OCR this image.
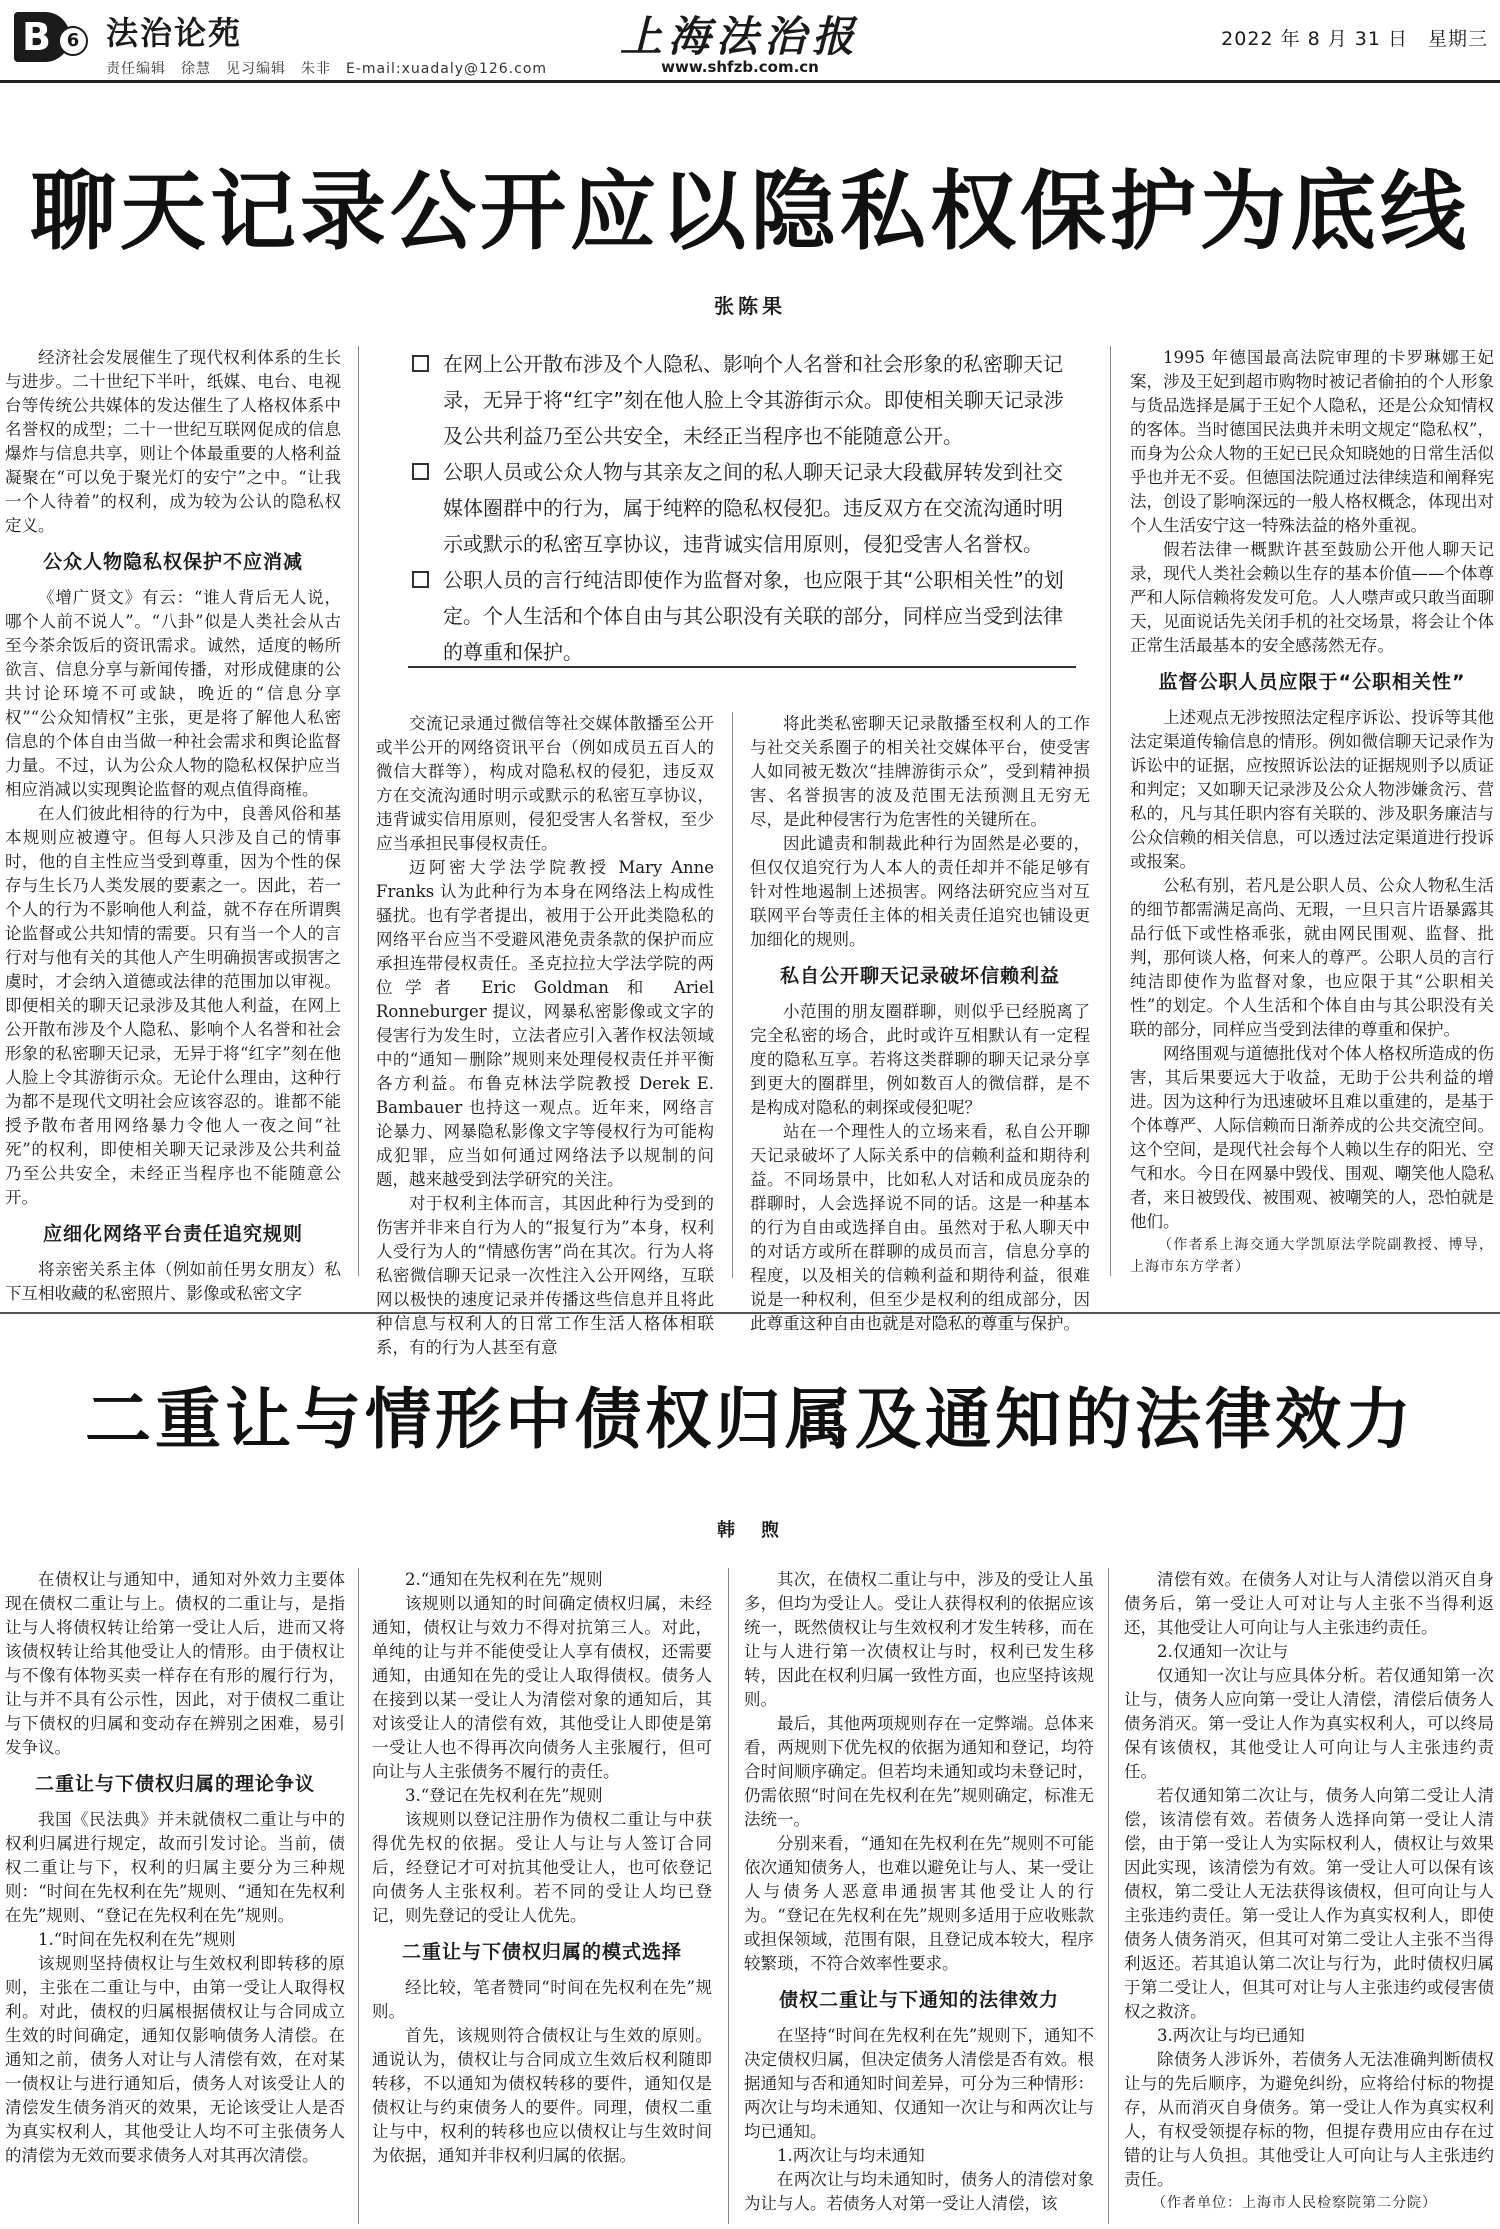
B 6 法治论苑
责任编辑　徐慧　见习编辑　朱非　E-mail:xuadaly@126.com
上海法治报
www.shfzb.com.cn
2022 年 8 月 31 日　星期三
聊天记录公开应以隐私权保护为底线
张陈果

经济社会发展催生了现代权利体系的生长与进步。二十世纪下半叶，纸媒、电台、电视台等传统公共媒体的发达催生了人格权体系中名誉权的成型；二十一世纪互联网促成的信息爆炸与信息共享，则让个体最重要的人格利益凝聚在“可以免于聚光灯的安宁”之中。“让我一个人待着”的权利，成为较为公认的隐私权定义。

公众人物隐私权保护不应消减

《增广贤文》有云：“谁人背后无人说，哪个人前不说人”。“八卦”似是人类社会从古至今茶余饭后的资讯需求。诚然，适度的畅所欲言、信息分享与新闻传播，对形成健康的公共讨论环境不可或缺，晚近的“信息分享权”“公众知情权”主张，更是将了解他人私密信息的个体自由当做一种社会需求和舆论监督力量。不过，认为公众人物的隐私权保护应当相应消减以实现舆论监督的观点值得商榷。

在人们彼此相待的行为中，良善风俗和基本规则应被遵守。但每人只涉及自己的情事时，他的自主性应当受到尊重，因为个性的保存与生长乃人类发展的要素之一。因此，若一个人的行为不影响他人利益，就不存在所谓舆论监督或公共知情的需要。只有当一个人的言行对与他有关的其他人产生明确损害或损害之虞时，才会纳入道德或法律的范围加以审视。即便相关的聊天记录涉及其他人利益，在网上公开散布涉及个人隐私、影响个人名誉和社会形象的私密聊天记录，无异于将“红字”刻在他人脸上令其游街示众。无论什么理由，这种行为都不是现代文明社会应该容忍的。谁都不能授予散布者用网络暴力令他人一夜之间“社死”的权利，即使相关聊天记录涉及公共利益乃至公共安全，未经正当程序也不能随意公开。

应细化网络平台责任追究规则

将亲密关系主体（例如前任男女朋友）私下互相收藏的私密照片、影像或私密文字

在网上公开散布涉及个人隐私、影响个人名誉和社会形象的私密聊天记录，无异于将“红字”刻在他人脸上令其游街示众。即使相关聊天记录涉及公共利益乃至公共安全，未经正当程序也不能随意公开。
公职人员或公众人物与其亲友之间的私人聊天记录大段截屏转发到社交媒体圈群中的行为，属于纯粹的隐私权侵犯。违反双方在交流沟通时明示或默示的私密互享协议，违背诚实信用原则，侵犯受害人名誉权。
公职人员的言行纯洁即使作为监督对象，也应限于其“公职相关性”的划定。个人生活和个体自由与其公职没有关联的部分，同样应当受到法律的尊重和保护。

交流记录通过微信等社交媒体散播至公开或半公开的网络资讯平台（例如成员五百人的微信大群等），构成对隐私权的侵犯，违反双方在交流沟通时明示或默示的私密互享协议，违背诚实信用原则，侵犯受害人名誉权，至少应当承担民事侵权责任。

迈阿密大学法学院教授 Mary Anne Franks 认为此种行为本身在网络法上构成性骚扰。也有学者提出，被用于公开此类隐私的网络平台应当不受避风港免责条款的保护而应承担连带侵权责任。圣克拉拉大学法学院的两位学者 Eric Goldman 和 Ariel Ronneburger 提议，网暴私密影像或文字的侵害行为发生时，立法者应引入著作权法领域中的“通知－删除”规则来处理侵权责任并平衡各方利益。布鲁克林法学院教授 Derek E. Bambauer 也持这一观点。近年来，网络言论暴力、网暴隐私影像文字等侵权行为可能构成犯罪，应当如何通过网络法予以规制的问题，越来越受到法学研究的关注。

对于权利主体而言，其因此种行为受到的伤害并非来自行为人的“报复行为”本身，权利人受行为人的“情感伤害”尚在其次。行为人将私密微信聊天记录一次性注入公开网络，互联网以极快的速度记录并传播这些信息并且将此种信息与权利人的日常工作生活人格体相联系，有的行为人甚至有意

将此类私密聊天记录散播至权利人的工作与社交关系圈子的相关社交媒体平台，使受害人如同被无数次“挂牌游街示众”，受到精神损害、名誉损害的波及范围无法预测且无穷无尽，是此种侵害行为危害性的关键所在。

因此谴责和制裁此种行为固然是必要的，但仅仅追究行为人本人的责任却并不能足够有针对性地遏制上述损害。网络法研究应当对互联网平台等责任主体的相关责任追究也铺设更加细化的规则。

私自公开聊天记录破坏信赖利益

小范围的朋友圈群聊，则似乎已经脱离了完全私密的场合，此时或许互相默认有一定程度的隐私互享。若将这类群聊的聊天记录分享到更大的圈群里，例如数百人的微信群，是不是构成对隐私的刺探或侵犯呢？

站在一个理性人的立场来看，私自公开聊天记录破坏了人际关系中的信赖利益和期待利益。不同场景中，比如私人对话和成员庞杂的群聊时，人会选择说不同的话。这是一种基本的行为自由或选择自由。虽然对于私人聊天中的对话方或所在群聊的成员而言，信息分享的程度，以及相关的信赖利益和期待利益，很难说是一种权利，但至少是权利的组成部分，因此尊重这种自由也就是对隐私的尊重与保护。

1995 年德国最高法院审理的卡罗琳娜王妃案，涉及王妃到超市购物时被记者偷拍的个人形象与货品选择是属于王妃个人隐私，还是公众知情权的客体。当时德国民法典并未明文规定“隐私权”，而身为公众人物的王妃已民众知晓她的日常生活似乎也并无不妥。但德国法院通过法律续造和阐释宪法，创设了影响深远的一般人格权概念，体现出对个人生活安宁这一特殊法益的格外重视。

假若法律一概默许甚至鼓励公开他人聊天记录，现代人类社会赖以生存的基本价值——个体尊严和人际信赖将发发可危。人人噤声或只敢当面聊天，见面说话先关闭手机的社交场景，将会让个体正常生活最基本的安全感荡然无存。

监督公职人员应限于“公职相关性”

上述观点无涉按照法定程序诉讼、投诉等其他法定渠道传输信息的情形。例如微信聊天记录作为诉讼中的证据，应按照诉讼法的证据规则予以质证和判定；又如聊天记录涉及公众人物涉嫌贪污、营私的，凡与其任职内容有关联的、涉及职务廉洁与公众信赖的相关信息，可以透过法定渠道进行投诉或报案。

公私有别，若凡是公职人员、公众人物私生活的细节都需满足高尚、无瑕，一旦只言片语暴露其品行低下或性格乖张，就由网民围观、监督、批判，那何谈人格，何来人的尊严。公职人员的言行纯洁即使作为监督对象，也应限于其“公职相关性”的划定。个人生活和个体自由与其公职没有关联的部分，同样应当受到法律的尊重和保护。

网络围观与道德批伐对个体人格权所造成的伤害，其后果要远大于收益，无助于公共利益的增进。因为这种行为迅速破坏且难以重建的，是基于个体尊严、人际信赖而日渐养成的公共交流空间。这个空间，是现代社会每个人赖以生存的阳光、空气和水。今日在网暴中毁伐、围观、嘲笑他人隐私者，来日被毁伐、被围观、被嘲笑的人，恐怕就是他们。

（作者系上海交通大学凯原法学院副教授、博导，上海市东方学者）

二重让与情形中债权归属及通知的法律效力
韩　煦

在债权让与通知中，通知对外效力主要体现在债权二重让与上。债权的二重让与，是指让与人将债权转让给第一受让人后，进而又将该债权转让给其他受让人的情形。由于债权让与不像有体物买卖一样存在有形的履行行为，让与并不具有公示性，因此，对于债权二重让与下债权的归属和变动存在辨别之困难，易引发争议。

二重让与下债权归属的理论争议

我国《民法典》并未就债权二重让与中的权利归属进行规定，故而引发讨论。当前，债权二重让与下，权利的归属主要分为三种规则：“时间在先权利在先”规则、“通知在先权利在先”规则、“登记在先权利在先”规则。

1.“时间在先权利在先”规则

该规则坚持债权让与生效权利即转移的原则，主张在二重让与中，由第一受让人取得权利。对此，债权的归属根据债权让与合同成立生效的时间确定，通知仅影响债务人清偿。在通知之前，债务人对让与人清偿有效，在对某一债权让与进行通知后，债务人对该受让人的清偿发生债务消灭的效果，无论该受让人是否为真实权利人，其他受让人均不可主张债务人的清偿为无效而要求债务人对其再次清偿。

2.“通知在先权利在先”规则

该规则以通知的时间确定债权归属，未经通知，债权让与效力不得对抗第三人。对此，单纯的让与并不能使受让人享有债权，还需要通知，由通知在先的受让人取得债权。债务人在接到以某一受让人为清偿对象的通知后，其对该受让人的清偿有效，其他受让人即使是第一受让人也不得再次向债务人主张履行，但可向让与人主张债务不履行的责任。

3.“登记在先权利在先”规则

该规则以登记注册作为债权二重让与中获得优先权的依据。受让人与让与人签订合同后，经登记才可对抗其他受让人，也可依登记向债务人主张权利。若不同的受让人均已登记，则先登记的受让人优先。

二重让与下债权归属的模式选择

经比较，笔者赞同“时间在先权利在先”规则。

首先，该规则符合债权让与生效的原则。通说认为，债权让与合同成立生效后权利随即转移，不以通知为债权转移的要件，通知仅是债权让与约束债务人的要件。同理，债权二重让与中，权利的转移也应以债权让与生效时间为依据，通知并非权利归属的依据。

其次，在债权二重让与中，涉及的受让人虽多，但均为受让人。受让人获得权利的依据应该统一，既然债权让与生效权利才发生转移，而在让与人进行第一次债权让与时，权利已发生移转，因此在权利归属一致性方面，也应坚持该规则。

最后，其他两项规则存在一定弊端。总体来看，两规则下优先权的依据为通知和登记，均符合时间顺序确定。但若均未通知或均未登记时，仍需依照“时间在先权利在先”规则确定，标准无法统一。

分别来看，“通知在先权利在先”规则不可能依次通知债务人，也难以避免让与人、某一受让人与债务人恶意串通损害其他受让人的行为。“登记在先权利在先”规则多适用于应收账款或担保领域，范围有限，且登记成本较大，程序较繁琐，不符合效率性要求。

债权二重让与下通知的法律效力

在坚持“时间在先权利在先”规则下，通知不决定债权归属，但决定债务人清偿是否有效。根据通知与否和通知时间差异，可分为三种情形：两次让与均未通知、仅通知一次让与和两次让与均已通知。

1.两次让与均未通知

在两次让与均未通知时，债务人的清偿对象为让与人。若债务人对第一受让人清偿，该

清偿有效。在债务人对让与人清偿以消灭自身债务后，第一受让人可对让与人主张不当得利返还，其他受让人可向让与人主张违约责任。

2.仅通知一次让与

仅通知一次让与应具体分析。若仅通知第一次让与，债务人应向第一受让人清偿，清偿后债务人债务消灭。第一受让人作为真实权利人，可以终局保有该债权，其他受让人可向让与人主张违约责任。

若仅通知第二次让与，债务人向第二受让人清偿，该清偿有效。若债务人选择向第一受让人清偿，由于第一受让人为实际权利人，债权让与效果因此实现，该清偿为有效。第一受让人可以保有该债权，第二受让人无法获得该债权，但可向让与人主张违约责任。第一受让人作为真实权利人，即使债务人债务消灭，但其可对第二受让人主张不当得利返还。若其追认第二次让与行为，此时债权归属于第二受让人，但其可对让与人主张违约或侵害债权之救济。

3.两次让与均已通知

除债务人涉诉外，若债务人无法准确判断债权让与的先后顺序，为避免纠纷，应将给付标的物提存，从而消灭自身债务。第一受让人作为真实权利人，有权受领提存标的物，但提存费用应由存在过错的让与人负担。其他受让人可向让与人主张违约责任。

（作者单位：上海市人民检察院第二分院）
